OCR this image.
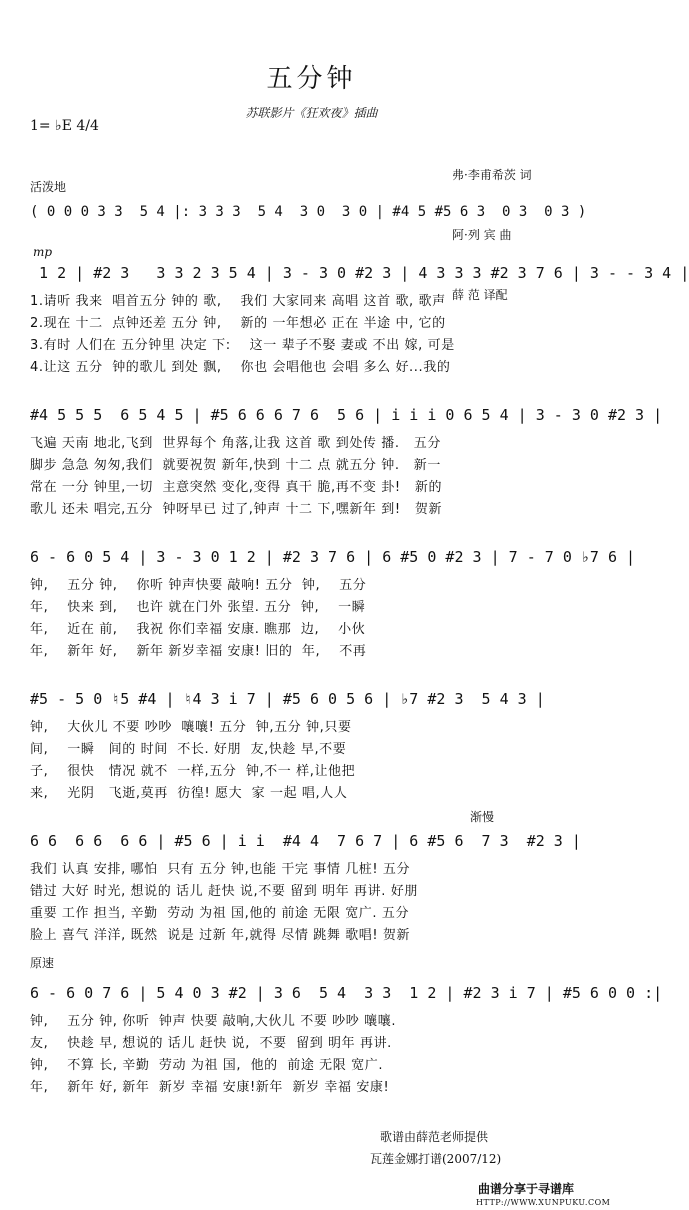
五分钟
苏联影片《狂欢夜》插曲
1= ♭E 4/4

弗·李甫希茨 词

阿·列 宾 曲

薛 范 译配

活泼地
( 0 0 0 3 3  5 4 |: 3 3 3  5 4  3 0  3 0 | #4 5 #5 6 3  0 3  0 3 )
mp
1 2 | #2 3   3 3 2 3 5 4 | 3 - 3 0 #2 3 | 4 3 3 3 #2 3 7 6 | 3 - - 3 4 |
1.请听 我来  唱首五分 钟的 歌,    我们 大家同来 高唱 这首 歌, 歌声
2.现在 十二  点钟还差 五分 钟,    新的 一年想必 正在 半途 中, 它的
3.有时 人们在 五分钟里 决定 下:    这一 辈子不娶 妻或 不出 嫁, 可是
4.让这 五分  钟的歌儿 到处 飘,    你也 会唱他也 会唱 多么 好...我的
#4 5 5 5  6 5 4 5 | #5 6 6 6 7 6  5 6 | i i i 0 6 5 4 | 3 - 3 0 #2 3 |
飞遍 天南 地北,飞到  世界每个 角落,让我 这首 歌 到处传 播.   五分
脚步 急急 匆匆,我们  就要祝贺 新年,快到 十二 点 就五分 钟.   新一
常在 一分 钟里,一切  主意突然 变化,变得 真干 脆,再不变 卦!   新的
歌儿 还未 唱完,五分  钟呀早已 过了,钟声 十二 下,嘿新年 到!   贺新
6 - 6 0 5 4 | 3 - 3 0 1 2 | #2 3 7 6 | 6 #5 0 #2 3 | 7 - 7 0 ♭7 6 |
钟,    五分 钟,    你听 钟声快要 敲响! 五分  钟,    五分
年,    快来 到,    也许 就在门外 张望. 五分  钟,    一瞬
年,    近在 前,    我祝 你们幸福 安康. 瞧那  边,    小伙
年,    新年 好,    新年 新岁幸福 安康! 旧的  年,    不再
#5 - 5 0 ♮5 #4 | ♮4 3 i 7 | #5 6 0 5 6 | ♭7 #2 3  5 4 3 |
钟,    大伙儿 不要 吵吵  嚷嚷! 五分  钟,五分 钟,只要
间,    一瞬   间的 时间  不长. 好朋  友,快趁 早,不要
子,    很快   情况 就不  一样,五分  钟,不一 样,让他把
来,    光阴   飞逝,莫再  彷徨! 愿大  家 一起 唱,人人
渐慢
6 6  6 6  6 6 | #5 6 | i i  #4 4  7 6 7 | 6 #5 6  7 3  #2 3 |
我们 认真 安排, 哪怕  只有 五分 钟,也能 干完 事情 几桩! 五分
错过 大好 时光, 想说的 话儿 赶快 说,不要 留到 明年 再讲. 好朋
重要 工作 担当, 辛勤  劳动 为祖 国,他的 前途 无限 宽广. 五分
脸上 喜气 洋洋, 既然  说是 过新 年,就得 尽情 跳舞 歌唱! 贺新
原速
6 - 6 0 7 6 | 5 4 0 3 #2 | 3 6  5 4  3 3  1 2 | #2 3 i 7 | #5 6 0 0 :|
钟,    五分 钟, 你听  钟声 快要 敲响,大伙儿 不要 吵吵 嚷嚷.
友,    快趁 早, 想说的 话儿 赶快 说,  不要  留到 明年 再讲.
钟,    不算 长, 辛勤  劳动 为祖 国,  他的  前途 无限 宽广.
年,    新年 好, 新年  新岁 幸福 安康!新年  新岁 幸福 安康!
歌谱由薛范老师提供
瓦莲金娜打谱(2007/12)
曲谱分享于寻谱库
HTTP://WWW.XUNPUKU.COM
